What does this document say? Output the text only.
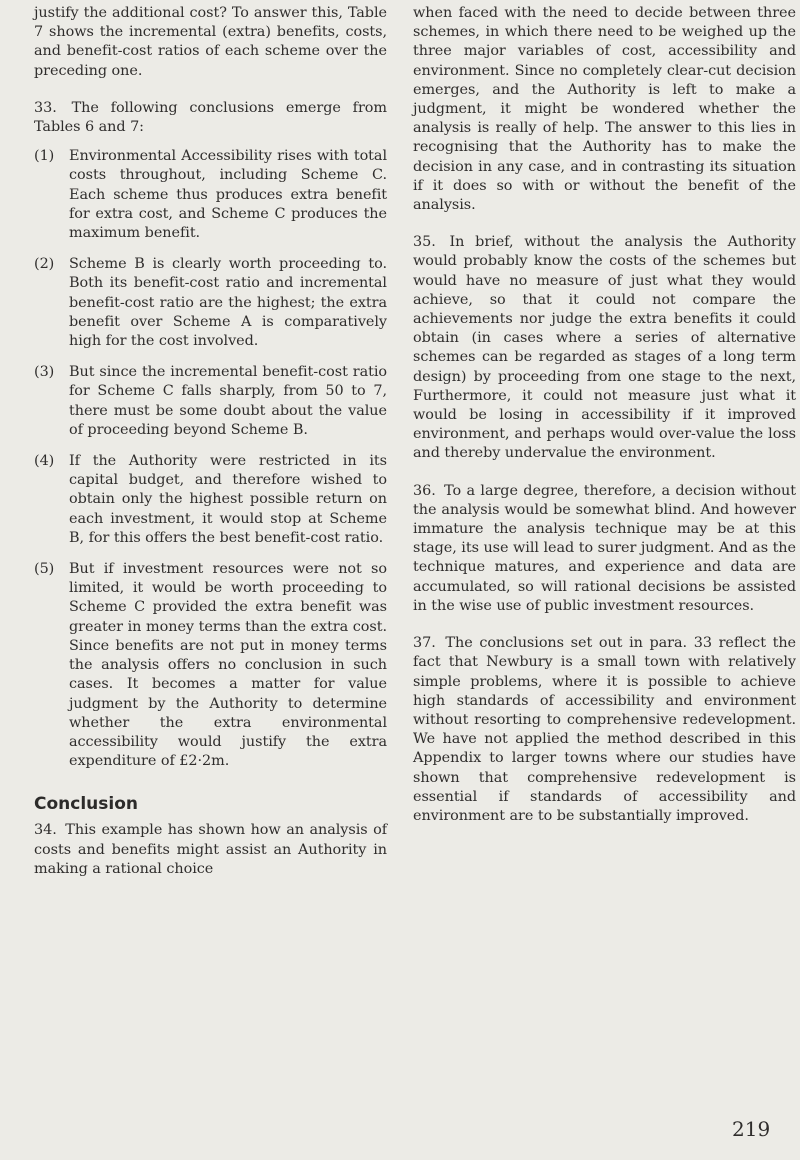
justify the additional cost? To answer this, Table 7 shows the incremental (extra) benefits, costs, and benefit-cost ratios of each scheme over the preceding one.

33. The following conclusions emerge from Tables 6 and 7:

(1) Environmental Accessibility rises with total costs throughout, including Scheme C. Each scheme thus produces extra benefit for extra cost, and Scheme C produces the maximum benefit.
(2) Scheme B is clearly worth proceeding to. Both its benefit-cost ratio and incremental benefit-cost ratio are the highest; the extra benefit over Scheme A is comparatively high for the cost involved.
(3) But since the incremental benefit-cost ratio for Scheme C falls sharply, from 50 to 7, there must be some doubt about the value of proceeding beyond Scheme B.
(4) If the Authority were restricted in its capital budget, and therefore wished to obtain only the highest possible return on each investment, it would stop at Scheme B, for this offers the best benefit-cost ratio.
(5) But if investment resources were not so limited, it would be worth proceeding to Scheme C provided the extra benefit was greater in money terms than the extra cost. Since benefits are not put in money terms the analysis offers no conclusion in such cases. It becomes a matter for value judgment by the Authority to determine whether the extra environmental accessibility would justify the extra expenditure of £2·2m.
Conclusion

34. This example has shown how an analysis of costs and benefits might assist an Authority in making a rational choice

when faced with the need to decide between three schemes, in which there need to be weighed up the three major variables of cost, accessibility and environment. Since no completely clear-cut decision emerges, and the Authority is left to make a judgment, it might be wondered whether the analysis is really of help. The answer to this lies in recognising that the Authority has to make the decision in any case, and in contrasting its situation if it does so with or without the benefit of the analysis.

35. In brief, without the analysis the Authority would probably know the costs of the schemes but would have no measure of just what they would achieve, so that it could not compare the achievements nor judge the extra benefits it could obtain (in cases where a series of alternative schemes can be regarded as stages of a long term design) by proceeding from one stage to the next, Furthermore, it could not measure just what it would be losing in accessibility if it improved environment, and perhaps would over-value the loss and thereby undervalue the environment.

36. To a large degree, therefore, a decision without the analysis would be somewhat blind. And however immature the analysis technique may be at this stage, its use will lead to surer judgment. And as the technique matures, and experience and data are accumulated, so will rational decisions be assisted in the wise use of public investment resources.

37. The conclusions set out in para. 33 reflect the fact that Newbury is a small town with relatively simple problems, where it is possible to achieve high standards of accessibility and environment without resorting to comprehensive redevelopment. We have not applied the method described in this Appendix to larger towns where our studies have shown that comprehensive redevelopment is essential if standards of accessibility and environment are to be substantially improved.

219
